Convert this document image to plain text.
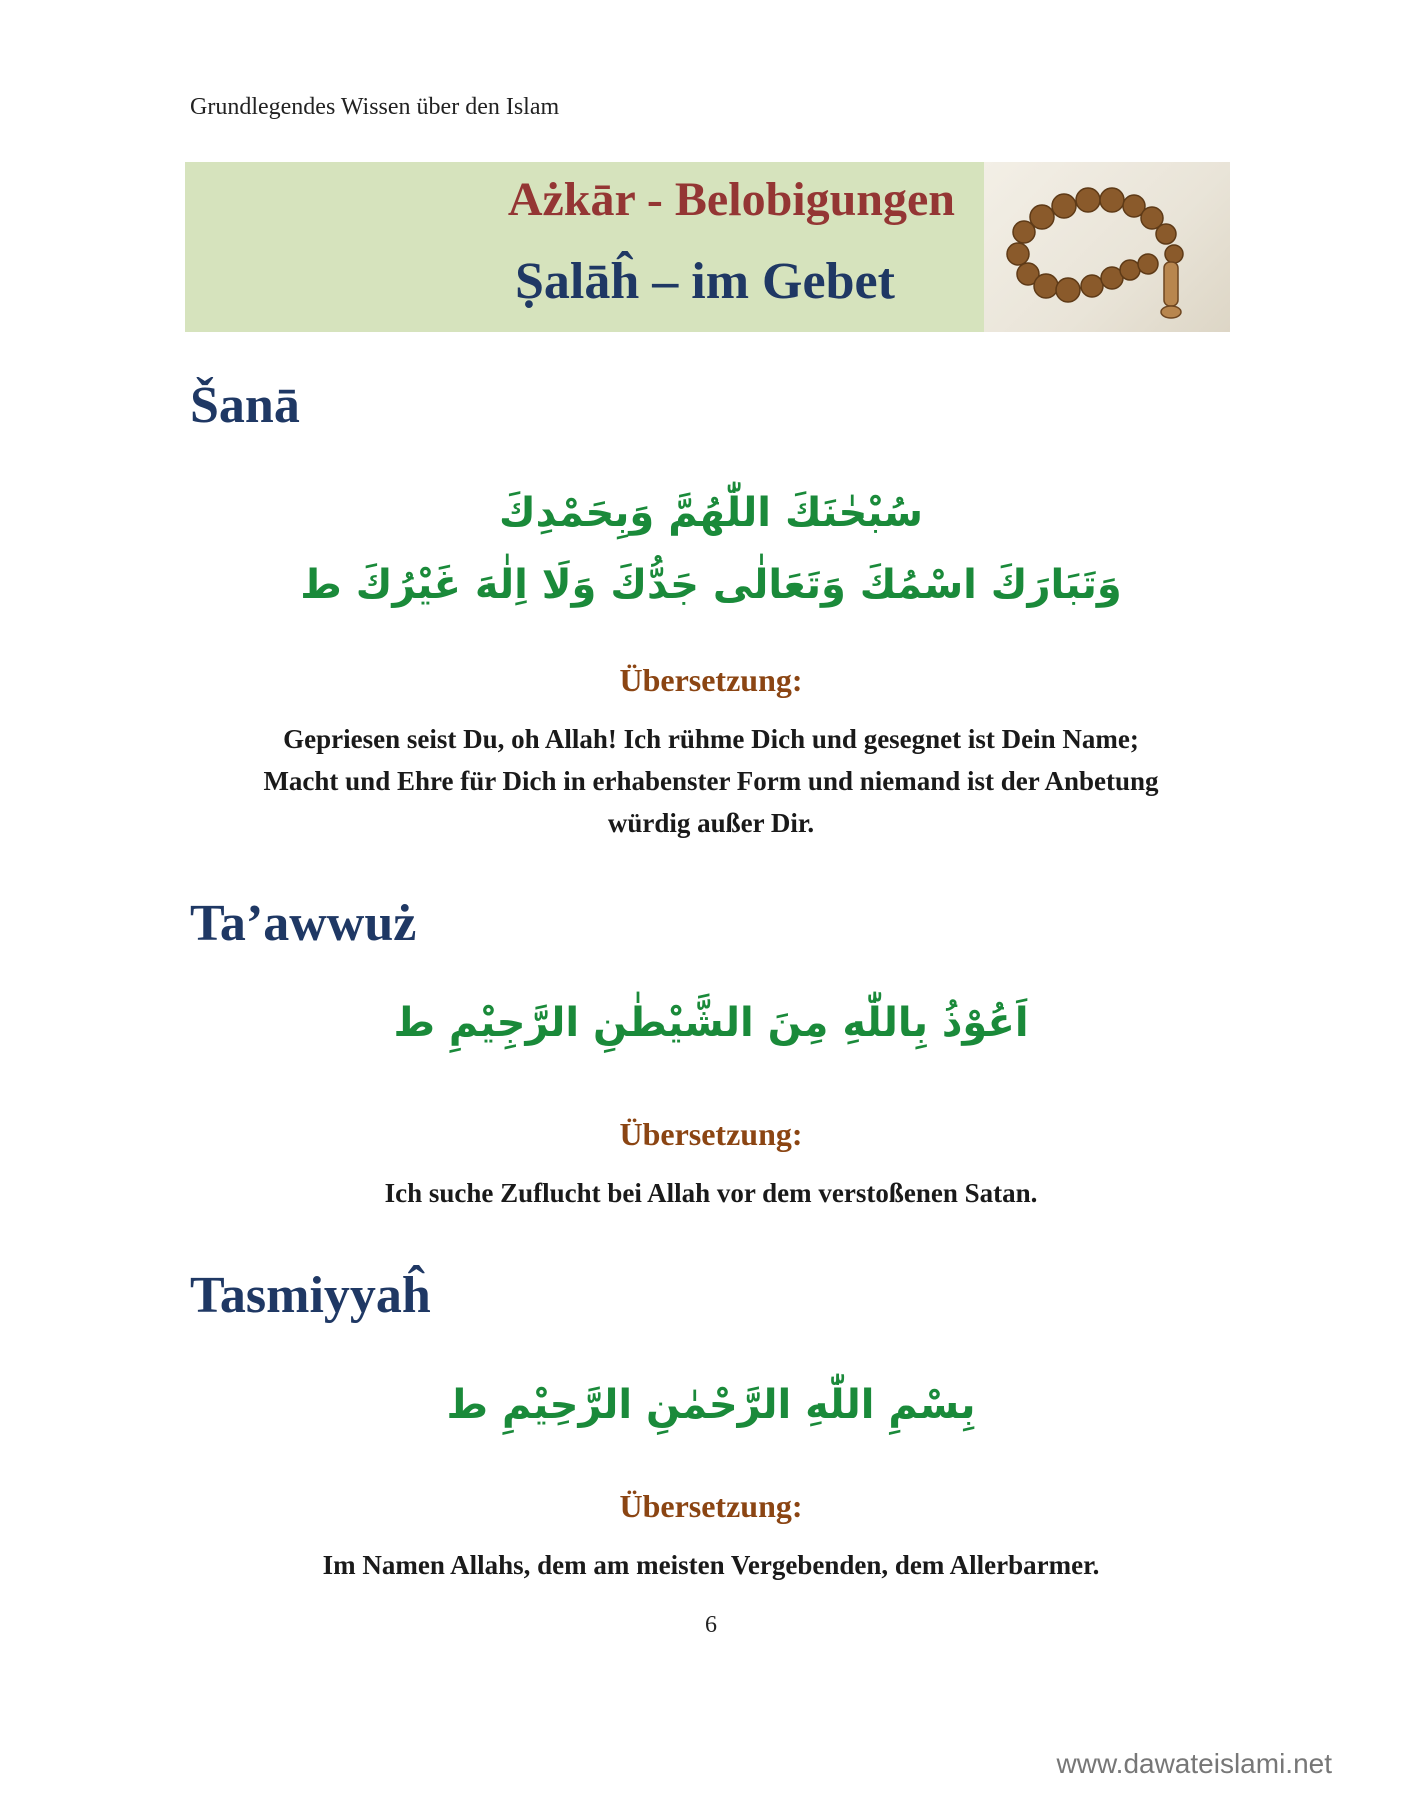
Grundlegendes Wissen über den Islam
Ażkār - Belobigungen
Ṣalāĥ – im Gebet
Šanā
سُبْحٰنَكَ اللّٰهُمَّ وَبِحَمْدِكَ
وَتَبَارَكَ اسْمُكَ وَتَعَالٰى جَدُّكَ وَلَا اِلٰهَ غَيْرُكَ ط
Übersetzung:
Gepriesen seist Du, oh Allah! Ich rühme Dich und gesegnet ist Dein Name;
Macht und Ehre für Dich in erhabenster Form und niemand ist der Anbetung
würdig außer Dir.
Ta’awwuż
اَعُوْذُ بِاللّٰهِ مِنَ الشَّيْطٰنِ الرَّجِيْمِ ط
Übersetzung:
Ich suche Zuflucht bei Allah vor dem verstoßenen Satan.
Tasmiyyaĥ
بِسْمِ اللّٰهِ الرَّحْمٰنِ الرَّحِيْمِ ط
Übersetzung:
Im Namen Allahs, dem am meisten Vergebenden, dem Allerbarmer.
6
www.dawateislami.net
